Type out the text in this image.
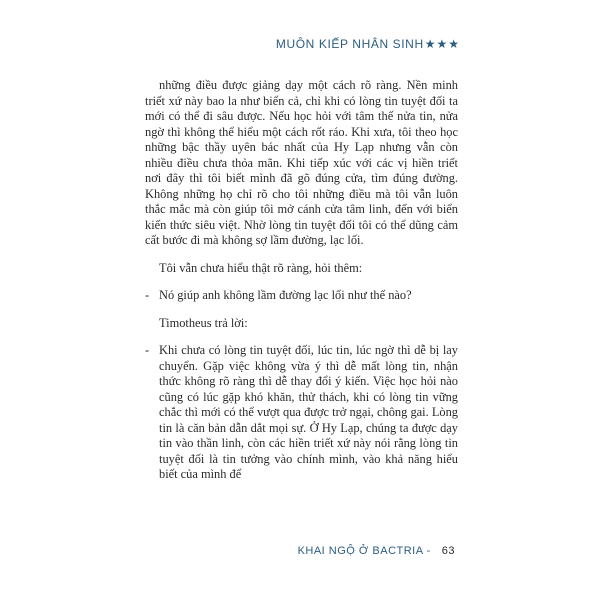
MUÔN KIẾP NHÂN SINH★★★

những điều được giảng dạy một cách rõ ràng. Nền minh triết xứ này bao la như biển cả, chỉ khi có lòng tin tuyệt đối ta mới có thể đi sâu được. Nếu học hỏi với tâm thế nửa tin, nửa ngờ thì không thể hiểu một cách rốt ráo. Khi xưa, tôi theo học những bậc thầy uyên bác nhất của Hy Lạp nhưng vẫn còn nhiều điều chưa thỏa mãn. Khi tiếp xúc với các vị hiền triết nơi đây thì tôi biết mình đã gõ đúng cửa, tìm đúng đường. Không những họ chỉ rõ cho tôi những điều mà tôi vẫn luôn thắc mắc mà còn giúp tôi mở cánh cửa tâm linh, đến với biển kiến thức siêu việt. Nhờ lòng tin tuyệt đối tôi có thể dũng cảm cất bước đi mà không sợ lầm đường, lạc lối.

Tôi vẫn chưa hiểu thật rõ ràng, hỏi thêm:

- Nó giúp anh không lầm đường lạc lối như thế nào?

Timotheus trả lời:

- Khi chưa có lòng tin tuyệt đối, lúc tin, lúc ngờ thì dễ bị lay chuyển. Gặp việc không vừa ý thì dễ mất lòng tin, nhận thức không rõ ràng thì dễ thay đổi ý kiến. Việc học hỏi nào cũng có lúc gặp khó khăn, thử thách, khi có lòng tin vững chắc thì mới có thể vượt qua được trở ngại, chông gai. Lòng tin là căn bản dẫn dắt mọi sự. Ở Hy Lạp, chúng ta được dạy tin vào thần linh, còn các hiền triết xứ này nói rằng lòng tin tuyệt đối là tin tưởng vào chính mình, vào khả năng hiểu biết của mình để

KHAI NGỘ Ở BACTRIA - 63
